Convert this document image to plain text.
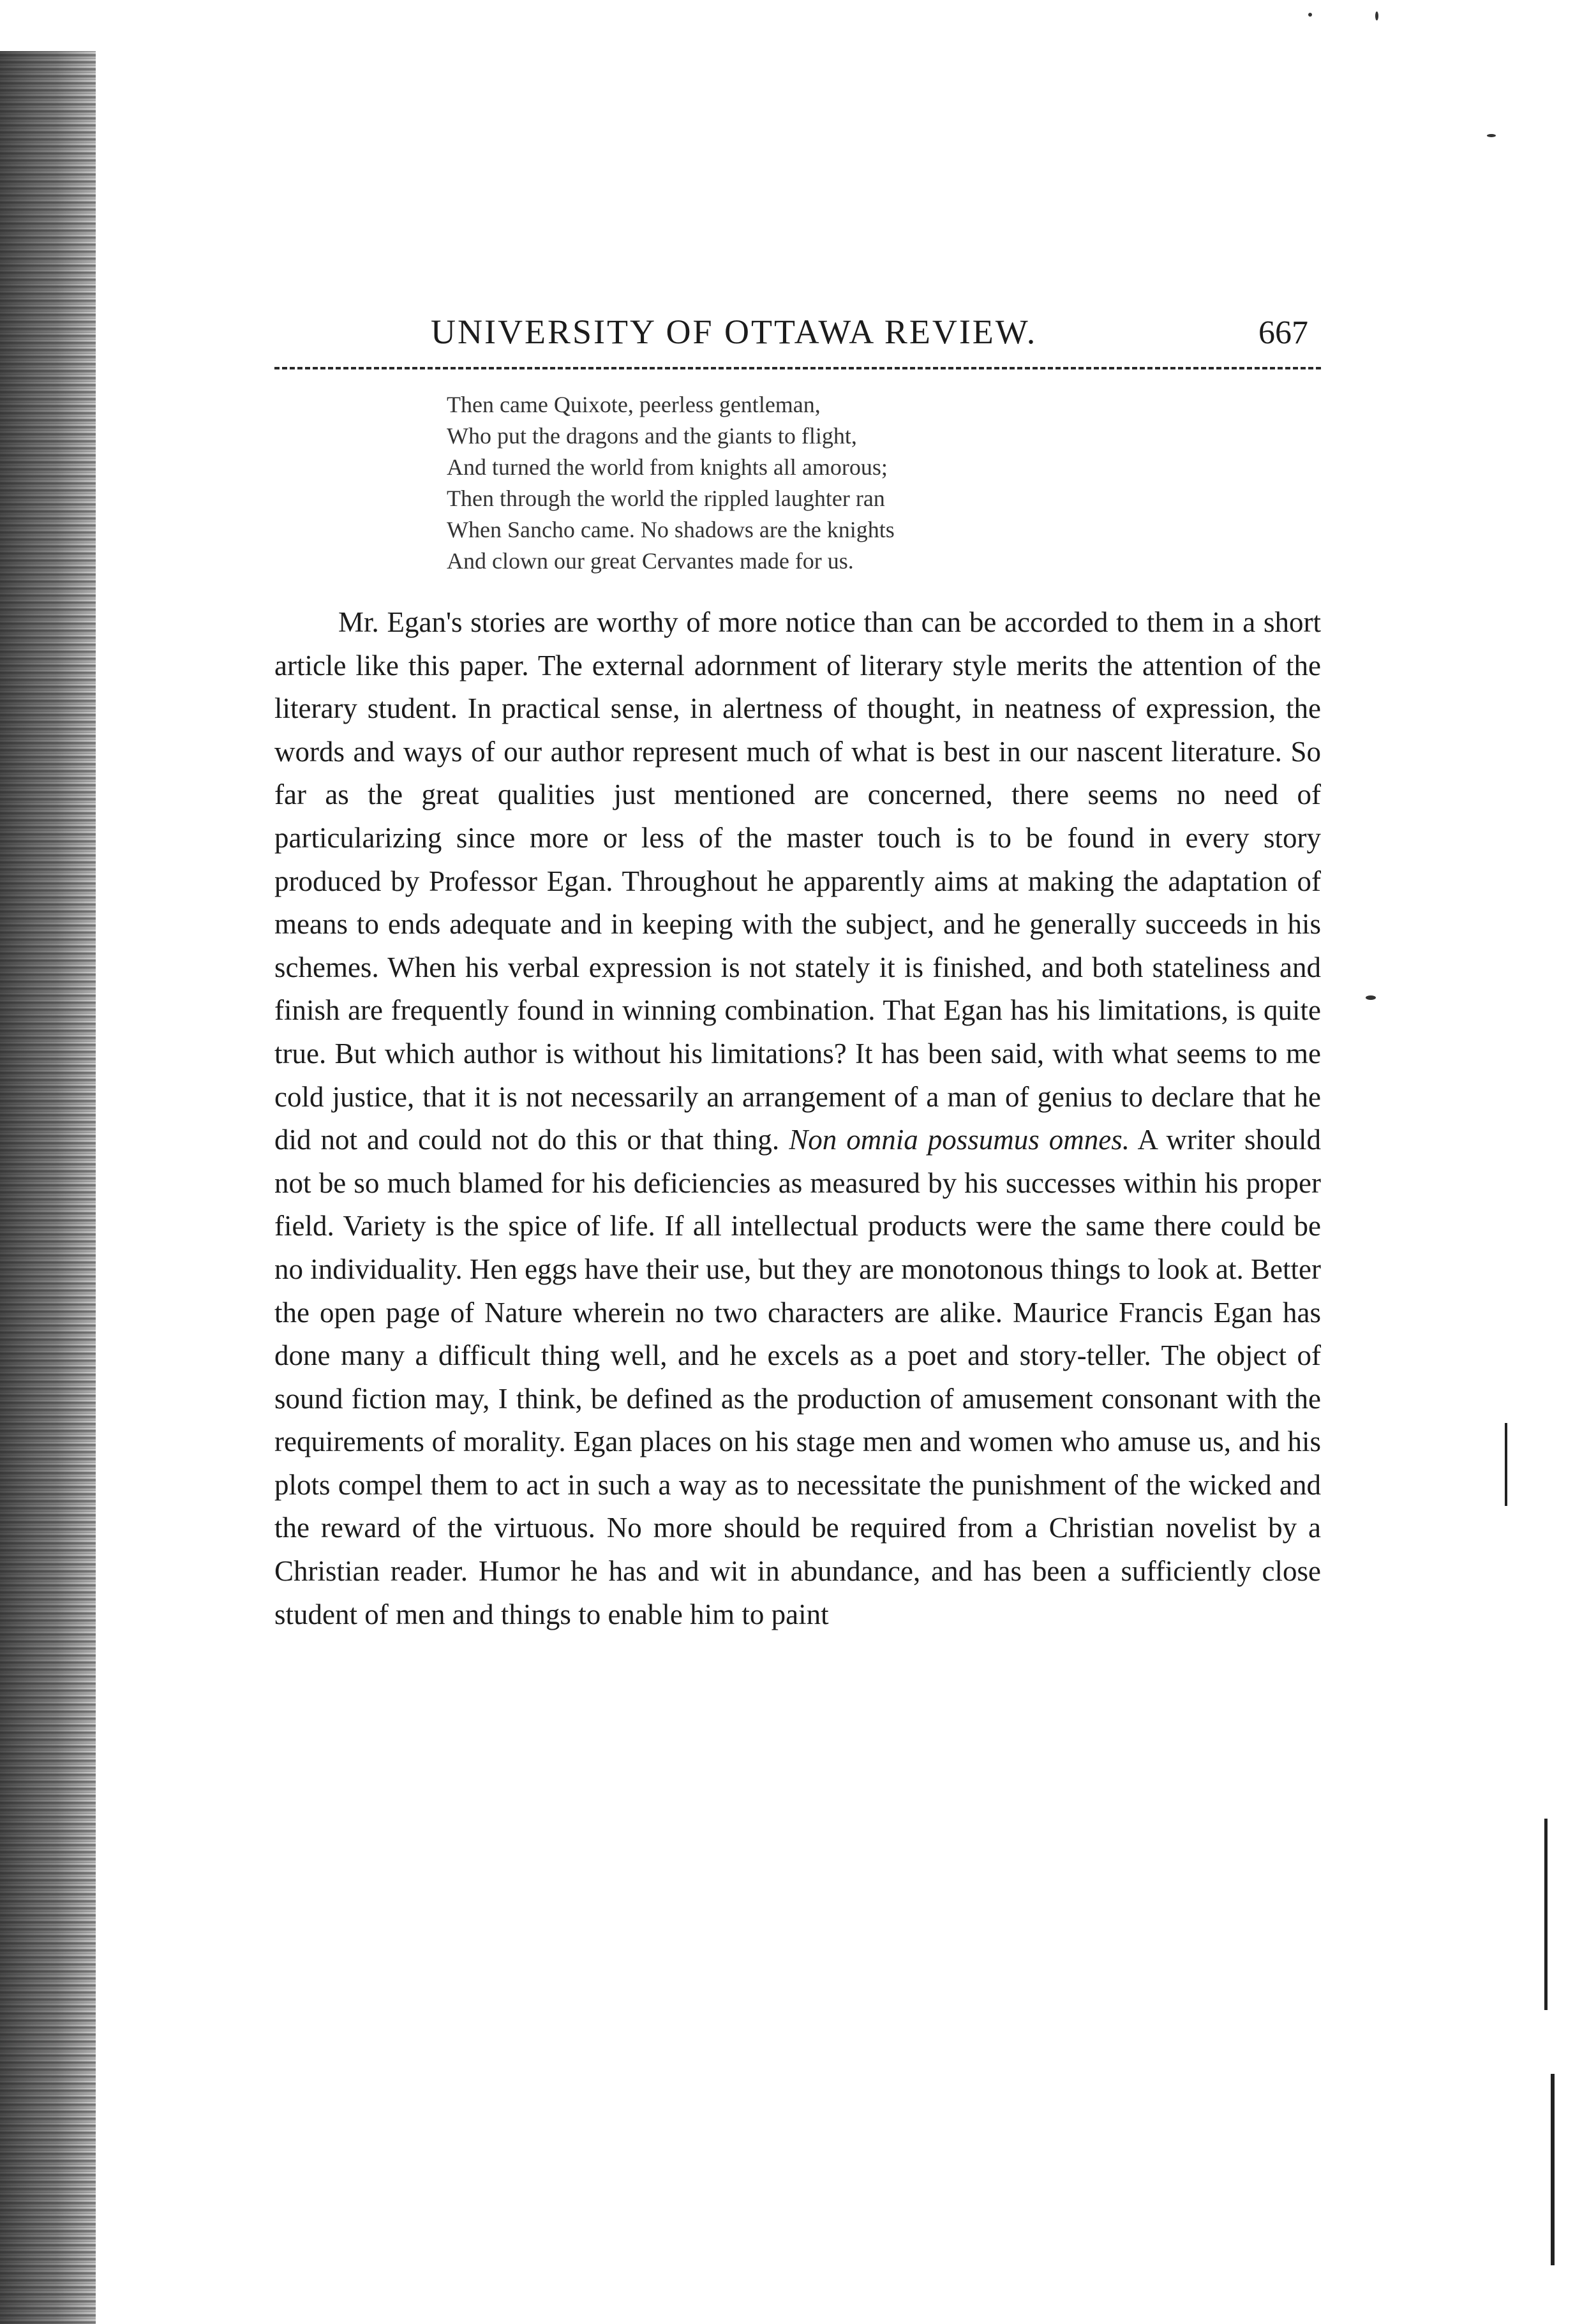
UNIVERSITY OF OTTAWA REVIEW.	667
Then came Quixote, peerless gentleman,
Who put the dragons and the giants to flight,
And turned the world from knights all amorous;
Then through the world the rippled laughter ran
When Sancho came. No shadows are the knights
And clown our great Cervantes made for us.

Mr. Egan's stories are worthy of more notice than can be accorded to them in a short article like this paper. The external adornment of literary style merits the attention of the literary student. In practical sense, in alertness of thought, in neatness of expression, the words and ways of our author represent much of what is best in our nascent literature. So far as the great qualities just mentioned are concerned, there seems no need of particularizing since more or less of the master touch is to be found in every story produced by Professor Egan. Throughout he apparently aims at making the adaptation of means to ends adequate and in keeping with the subject, and he generally succeeds in his schemes. When his verbal expression is not stately it is finished, and both stateliness and finish are frequently found in winning combination. That Egan has his limitations, is quite true. But which author is without his limitations? It has been said, with what seems to me cold justice, that it is not necessarily an arrangement of a man of genius to declare that he did not and could not do this or that thing. Non omnia possumus omnes. A writer should not be so much blamed for his deficiencies as measured by his successes within his proper field. Variety is the spice of life. If all intellectual products were the same there could be no individuality. Hen eggs have their use, but they are monotonous things to look at. Better the open page of Nature wherein no two characters are alike. Maurice Francis Egan has done many a difficult thing well, and he excels as a poet and story-teller. The object of sound fiction may, I think, be defined as the production of amusement consonant with the requirements of morality. Egan places on his stage men and women who amuse us, and his plots compel them to act in such a way as to necessitate the punishment of the wicked and the reward of the virtuous. No more should be required from a Christian novelist by a Christian reader. Humor he has and wit in abundance, and has been a sufficiently close student of men and things to enable him to paint
